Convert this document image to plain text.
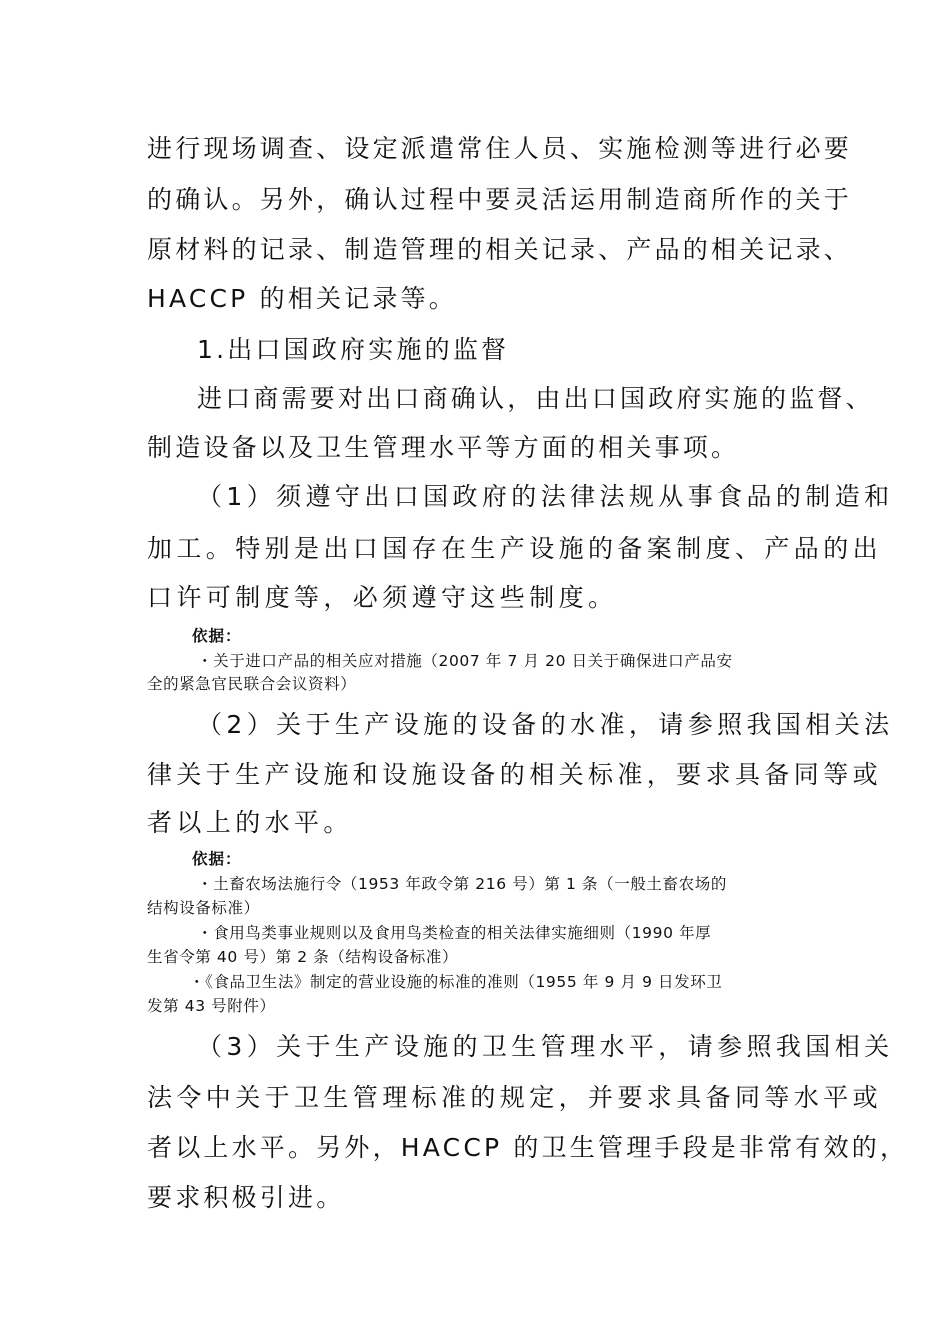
进行现场调查、设定派遣常住人员、实施检测等进行必要
的确认。另外，确认过程中要灵活运用制造商所作的关于
原材料的记录、制造管理的相关记录、产品的相关记录、
HACCP 的相关记录等。
1.出口国政府实施的监督
进口商需要对出口商确认，由出口国政府实施的监督、
制造设备以及卫生管理水平等方面的相关事项。
（1）须遵守出口国政府的法律法规从事食品的制造和
加工。特别是出口国存在生产设施的备案制度、产品的出
口许可制度等，必须遵守这些制度。
依据：
・关于进口产品的相关应对措施（2007 年 7 月 20 日关于确保进口产品安
全的紧急官民联合会议资料）
（2）关于生产设施的设备的水准，请参照我国相关法
律关于生产设施和设施设备的相关标准，要求具备同等或
者以上的水平。
依据：
・土畜农场法施行令（1953 年政令第 216 号）第 1 条（一般土畜农场的
结构设备标准）
・食用鸟类事业规则以及食用鸟类检查的相关法律实施细则（1990 年厚
生省令第 40 号）第 2 条（结构设备标准）
・《食品卫生法》制定的营业设施的标准的准则（1955 年 9 月 9 日发环卫
发第 43 号附件）
（3）关于生产设施的卫生管理水平，请参照我国相关
法令中关于卫生管理标准的规定，并要求具备同等水平或
者以上水平。另外，HACCP 的卫生管理手段是非常有效的，
要求积极引进。
